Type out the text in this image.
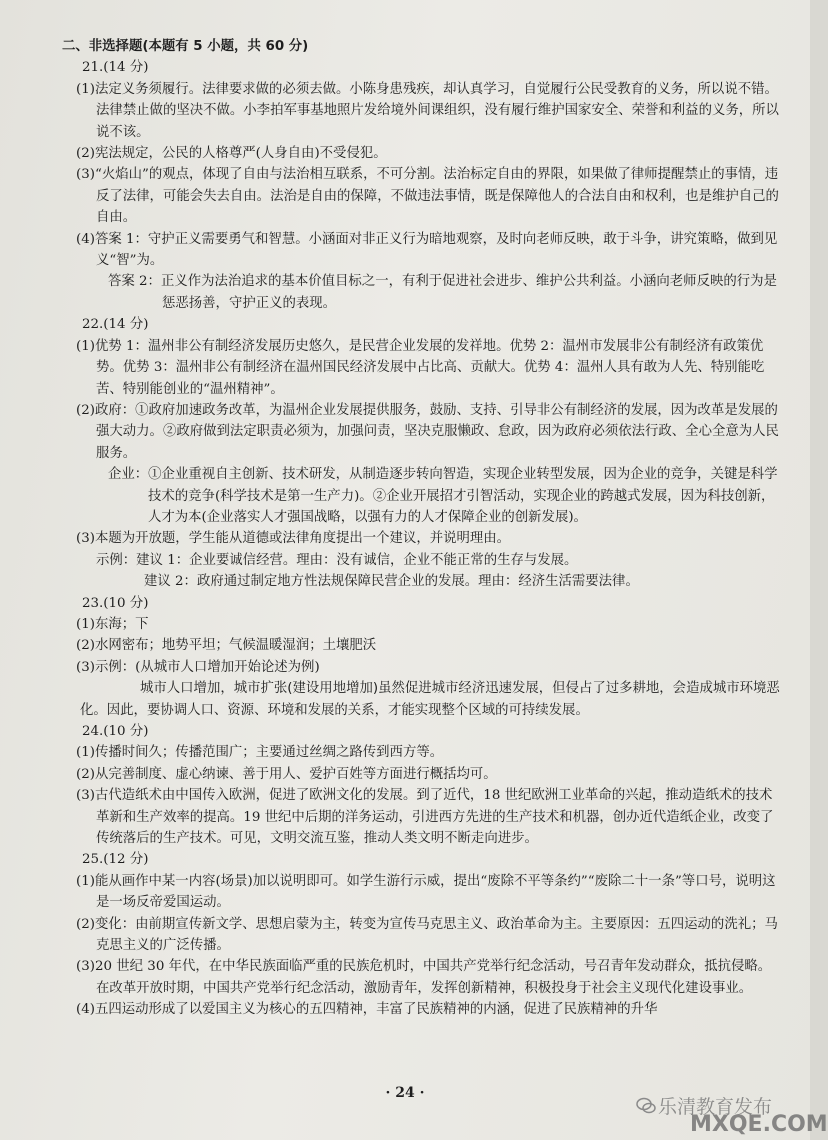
二、非选择题(本题有 5 小题，共 60 分)
21.(14 分)
(1)法定义务须履行。法律要求做的必须去做。小陈身患残疾，却认真学习，自觉履行公民受教育的义务，所以说不错。法律禁止做的坚决不做。小李拍军事基地照片发给境外间课组织，没有履行维护国家安全、荣誉和利益的义务，所以说不该。
(2)宪法规定，公民的人格尊严(人身自由)不受侵犯。
(3)“火焰山”的观点，体现了自由与法治相互联系，不可分割。法治标定自由的界限，如果做了律师提醒禁止的事情，违反了法律，可能会失去自由。法治是自由的保障，不做违法事情，既是保障他人的合法自由和权利，也是维护自己的自由。
(4)答案 1：守护正义需要勇气和智慧。小涵面对非正义行为暗地观察，及时向老师反映，敢于斗争，讲究策略，做到见义“智”为。
答案 2：正义作为法治追求的基本价值目标之一，有利于促进社会进步、维护公共利益。小涵向老师反映的行为是惩恶扬善，守护正义的表现。
22.(14 分)
(1)优势 1：温州非公有制经济发展历史悠久，是民营企业发展的发祥地。优势 2：温州市发展非公有制经济有政策优势。优势 3：温州非公有制经济在温州国民经济发展中占比高、贡献大。优势 4：温州人具有敢为人先、特别能吃苦、特别能创业的“温州精神”。
(2)政府：①政府加速政务改革，为温州企业发展提供服务，鼓励、支持、引导非公有制经济的发展，因为改革是发展的强大动力。②政府做到法定职责必须为，加强问责，坚决克服懒政、怠政，因为政府必须依法行政、全心全意为人民服务。
企业：①企业重视自主创新、技术研发，从制造逐步转向智造，实现企业转型发展，因为企业的竞争，关键是科学技术的竞争(科学技术是第一生产力)。②企业开展招才引智活动，实现企业的跨越式发展，因为科技创新，人才为本(企业落实人才强国战略，以强有力的人才保障企业的创新发展)。
(3)本题为开放题，学生能从道德或法律角度提出一个建议，并说明理由。
示例：建议 1：企业要诚信经营。理由：没有诚信，企业不能正常的生存与发展。
建议 2：政府通过制定地方性法规保障民营企业的发展。理由：经济生活需要法律。
23.(10 分)
(1)东海；下
(2)水网密布；地势平坦；气候温暖湿润；土壤肥沃
(3)示例：(从城市人口增加开始论述为例)
城市人口增加，城市扩张(建设用地增加)虽然促进城市经济迅速发展，但侵占了过多耕地，会造成城市环境恶化。因此，要协调人口、资源、环境和发展的关系，才能实现整个区域的可持续发展。
24.(10 分)
(1)传播时间久；传播范围广；主要通过丝绸之路传到西方等。
(2)从完善制度、虚心纳谏、善于用人、爱护百姓等方面进行概括均可。
(3)古代造纸术由中国传入欧洲，促进了欧洲文化的发展。到了近代，18 世纪欧洲工业革命的兴起，推动造纸术的技术革新和生产效率的提高。19 世纪中后期的洋务运动，引进西方先进的生产技术和机器，创办近代造纸企业，改变了传统落后的生产技术。可见，文明交流互鉴，推动人类文明不断走向进步。
25.(12 分)
(1)能从画作中某一内容(场景)加以说明即可。如学生游行示威，提出“废除不平等条约”“废除二十一条”等口号，说明这是一场反帝爱国运动。
(2)变化：由前期宣传新文学、思想启蒙为主，转变为宣传马克思主义、政治革命为主。主要原因：五四运动的洗礼；马克思主义的广泛传播。
(3)20 世纪 30 年代，在中华民族面临严重的民族危机时，中国共产党举行纪念活动，号召青年发动群众，抵抗侵略。在改革开放时期，中国共产党举行纪念活动，激励青年，发挥创新精神，积极投身于社会主义现代化建设事业。
(4)五四运动形成了以爱国主义为核心的五四精神，丰富了民族精神的内涵，促进了民族精神的升华
· 24 ·
乐清教育发布
MXQE.COM
